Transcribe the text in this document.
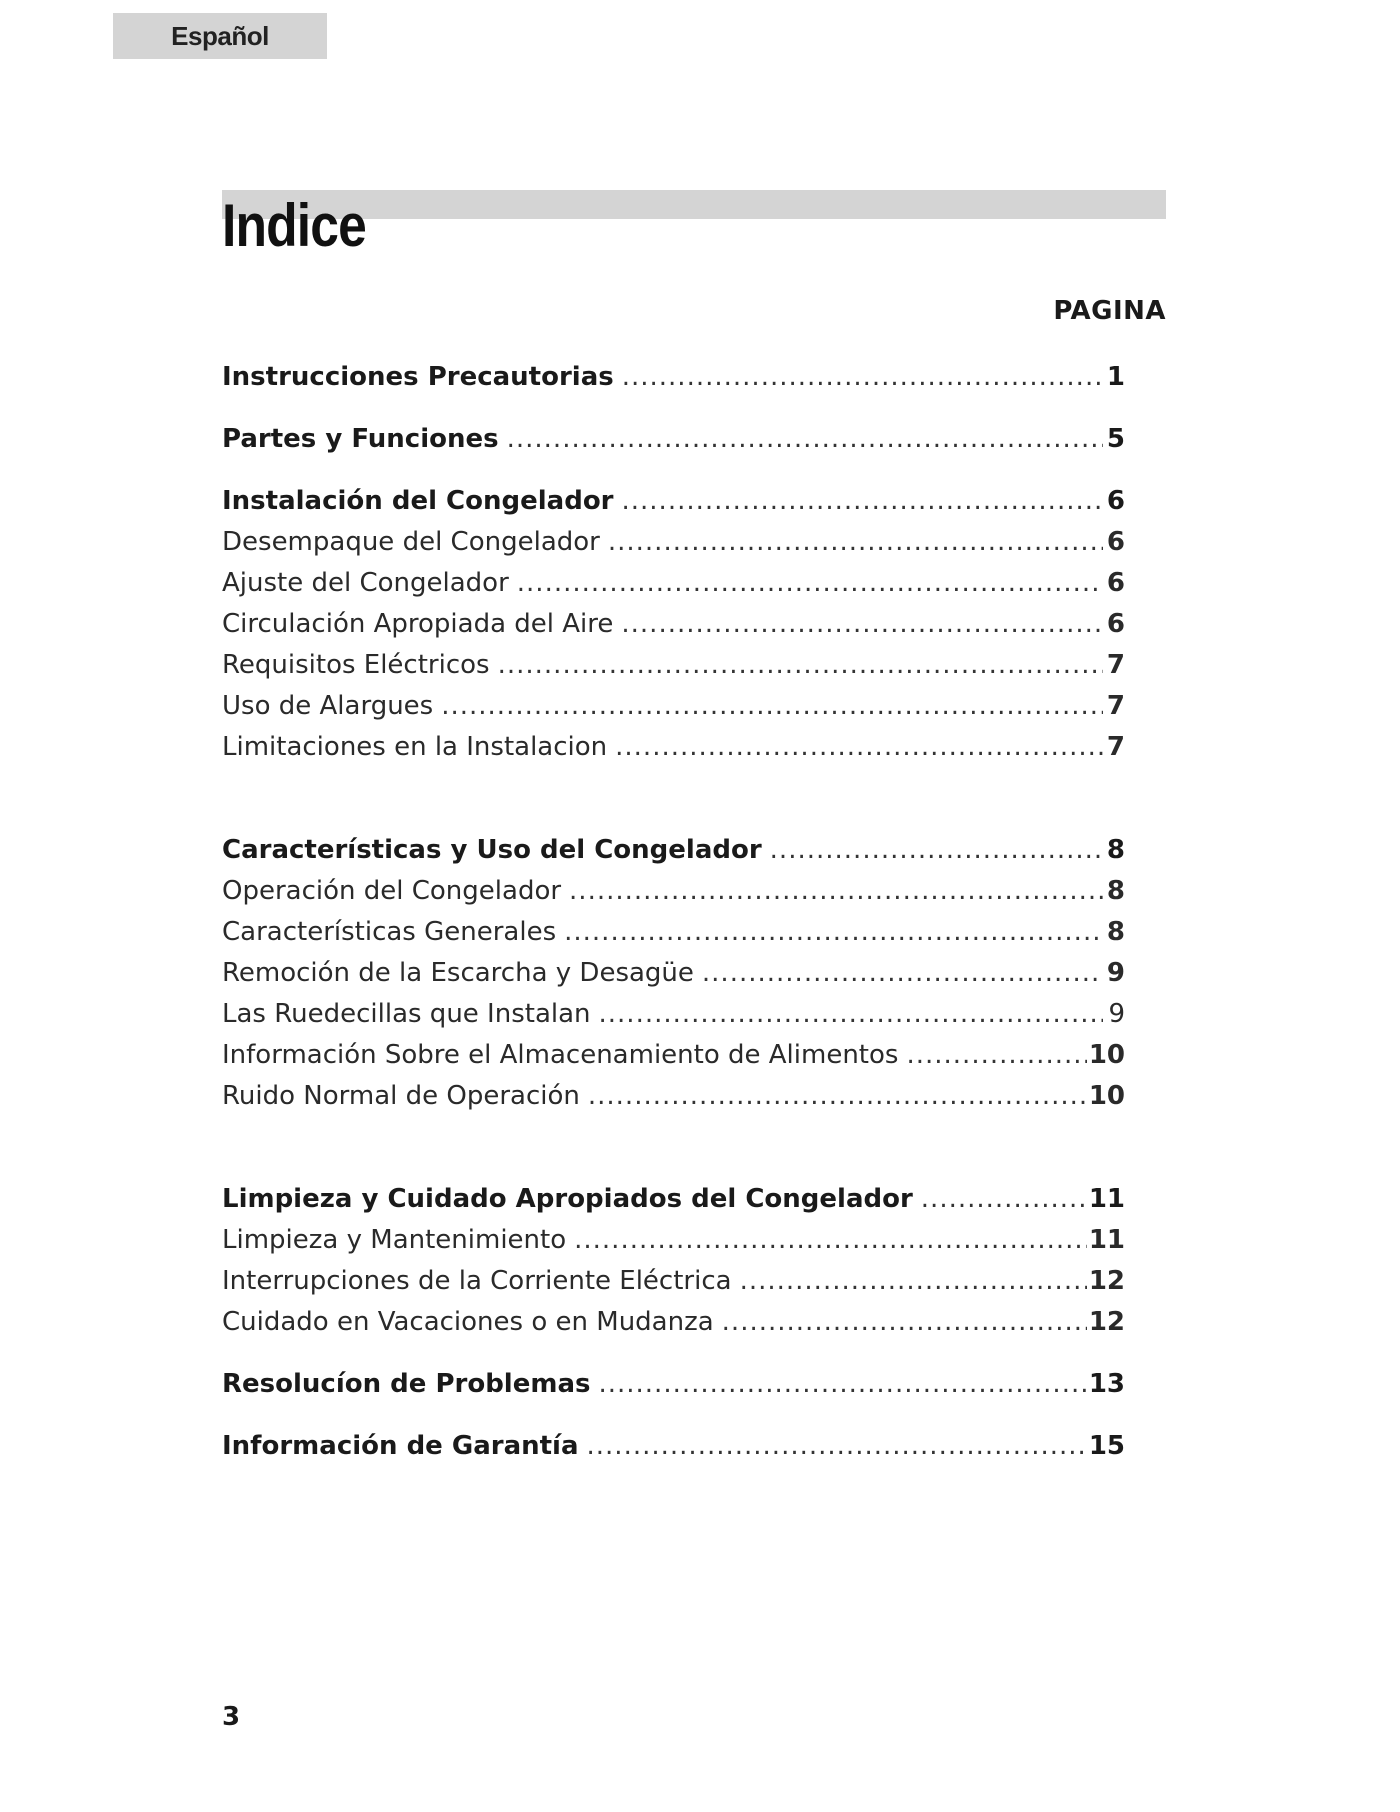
Español
Indice
PAGINA
Instrucciones Precautorias .....	1
Partes y Funciones .....	5
Instalación del Congelador .....	6
Desempaque del Congelador .....	6
Ajuste del Congelador .....	6
Circulación Apropiada del Aire .....	6
Requisitos Eléctricos .....	7
Uso de Alargues .....	7
Limitaciones en la Instalacion .....	7
Características y Uso del Congelador .....	8
Operación del Congelador .....	8
Características Generales .....	8
Remoción de la Escarcha y Desagüe .....	9
Las Ruedecillas que Instalan .....	9
Información Sobre el Almacenamiento de Alimentos .....	10
Ruido Normal de Operación .....	10
Limpieza y Cuidado Apropiados del Congelador .....	11
Limpieza y Mantenimiento .....	11
Interrupciones de la Corriente Eléctrica .....	12
Cuidado en Vacaciones o en Mudanza .....	12
Resolucíon de Problemas .....	13
Información de Garantía .....	15
3
